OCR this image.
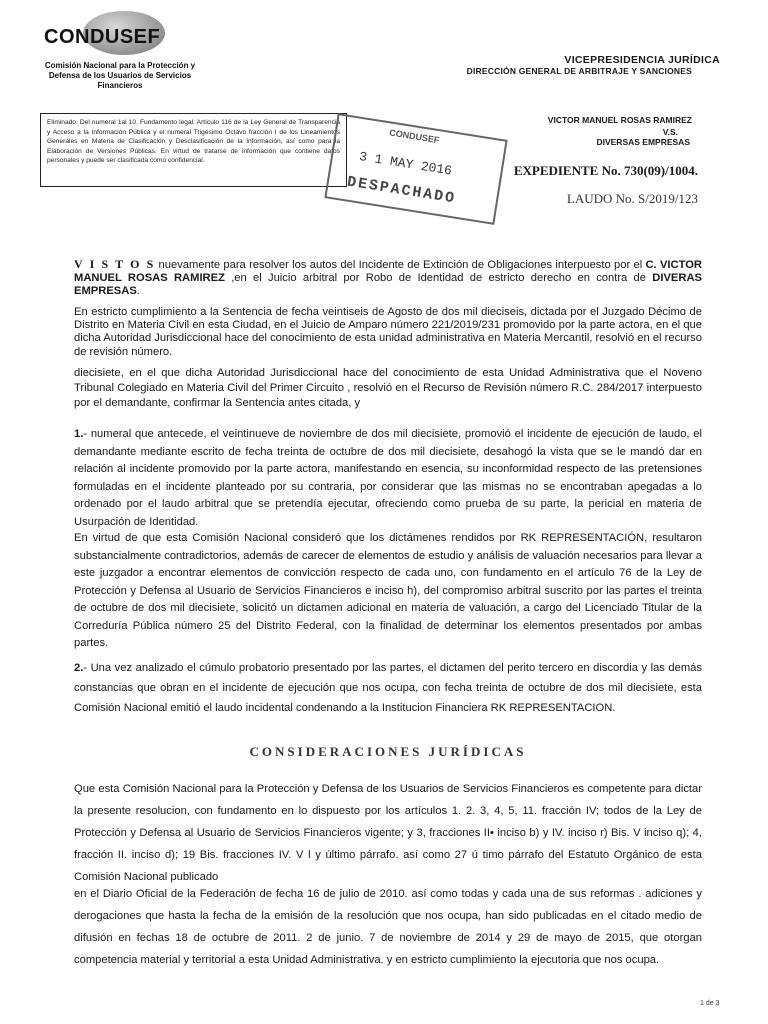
CONDUSEF
Comisión Nacional para la Protección y Defensa de los Usuarios de Servicios Financieros
VICEPRESIDENCIA JURÍDICA
DIRECCIÓN GENERAL DE ARBITRAJE Y SANCIONES
VICTOR MANUEL ROSAS RAMIREZ
V.S.
DIVERSAS EMPRESAS
EXPEDIENTE No. 730(09)/1004.
LAUDO No. S/2019/123
Eliminado: Del numeral 1al 10. Fundamento legal: Artículo 116 de la Ley General de Transparencia y Acceso a la Información Pública y el numeral Trigésimo Octavo fracción I de los Lineamientos Generales en Materia de Clasificación y Desclasificación de la Información, así como para la Elaboración de Versiones Públicas. En virtud de tratarse de información que contiene datos personales y puede ser clasificada como confidencial.
CONDUSEF
3 1 MAY 2016
DESPACHADO
V I S T O S nuevamente para resolver los autos del Incidente de Extinción de Obligaciones interpuesto por el C. VICTOR MANUEL ROSAS RAMIREZ ,en el Juicio arbitral por Robo de Identidad de estricto derecho en contra de DIVERAS EMPRESAS.
En estricto cumplimiento a la Sentencia de fecha veintiseis de Agosto de dos mil dieciseis, dictada por el Juzgado Décimo de Distrito en Materia Civil en esta Ciudad, en el Juicio de Amparo número 221/2019/231 promovido por la parte actora, en el que dicha Autoridad Jurisdiccional hace del conocimiento de esta unidad administrativa en Materia Mercantil, resolvió en el recurso de revisión número.
diecisiete, en el que dicha Autoridad Jurisdiccional hace del conocimiento de esta Unidad Administrativa que el Noveno Tribunal Colegiado en Materia Civil del Primer Circuito , resolvió en el Recurso de Revisión número R.C. 284/2017 interpuesto por el demandante, confirmar la Sentencia antes citada, y
1.- numeral que antecede, el veintinueve de noviembre de dos mil diecisiete, promovió el incidente de ejecución de laudo, el demandante mediante escrito de fecha treinta de octubre de dos mil diecisiete, desahogó la vista que se le mandó dar en relación al incidente promovido por la parte actora, manifestando en esencia, su inconformidad respecto de las pretensiones formuladas en el incidente planteado por su contraria, por considerar que las mismas no se encontraban apegadas a lo ordenado por el laudo arbitral que se pretendía ejecutar, ofreciendo como prueba de su parte, la pericial en materia de Usurpación de Identidad.
En virtud de que esta Comisión Nacional consideró que los dictámenes rendidos por RK REPRESENTACIÓN, resultaron substancialmente contradictorios, además de carecer de elementos de estudio y análisis de valuación necesarios para llevar a este juzgador a encontrar elementos de convicción respecto de cada uno, con fundamento en el artículo 76 de la Ley de Protección y Defensa al Usuario de Servicios Financieros e inciso h), del compromiso arbitral suscrito por las partes el treinta de octubre de dos mil diecisiete, solicitó un dictamen adicional en materia de valuación, a cargo del Licenciado Titular de la Correduría Pública número 25 del Distrito Federal, con la finalidad de determinar los elementos presentados por ambas partes.
2.- Una vez analizado el cúmulo probatorio presentado por las partes, el dictamen del perito tercero en discordia y las demás constancias que obran en el incidente de ejecución que nos ocupa, con fecha treinta de octubre de dos mil diecisiete, esta Comisión Nacional emitió el laudo incidental condenando a la Institucion Financiera RK REPRESENTACION.
CONSIDERACIONES JURÍDICAS
Que esta Comisión Nacional para la Protección y Defensa de los Usuarios de Servicios Financieros es competente para dictar la presente resolucion, con fundamento en lo dispuesto por los artículos 1. 2. 3, 4, 5, 11. fracción IV; todos de la Ley de Protección y Defensa al Usuario de Servicios Financieros vigente; y 3, fracciones II• inciso b) y IV. inciso r) Bis. V inciso q); 4, fracción II. inciso d); 19 Bis. fracciones IV. V l y último párrafo. así como 27 ú timo párrafo del Estatuto Orgánico de esta Comisión Nacional publicado
en el Diario Oficial de la Federación de fecha 16 de julio de 2010. así como todas y cada una de sus reformas . adiciones y derogaciones que hasta la fecha de la emisión de la resolución que nos ocupa, han sido publicadas en el citado medio de difusión en fechas 18 de octubre de 2011. 2 de junio. 7 de noviembre de 2014 y 29 de mayo de 2015, que otorgan competencia material y territorial a esta Unidad Administrativa. y en estricto cumplimiento la ejecutoria que nos ocupa.
1 de 3
